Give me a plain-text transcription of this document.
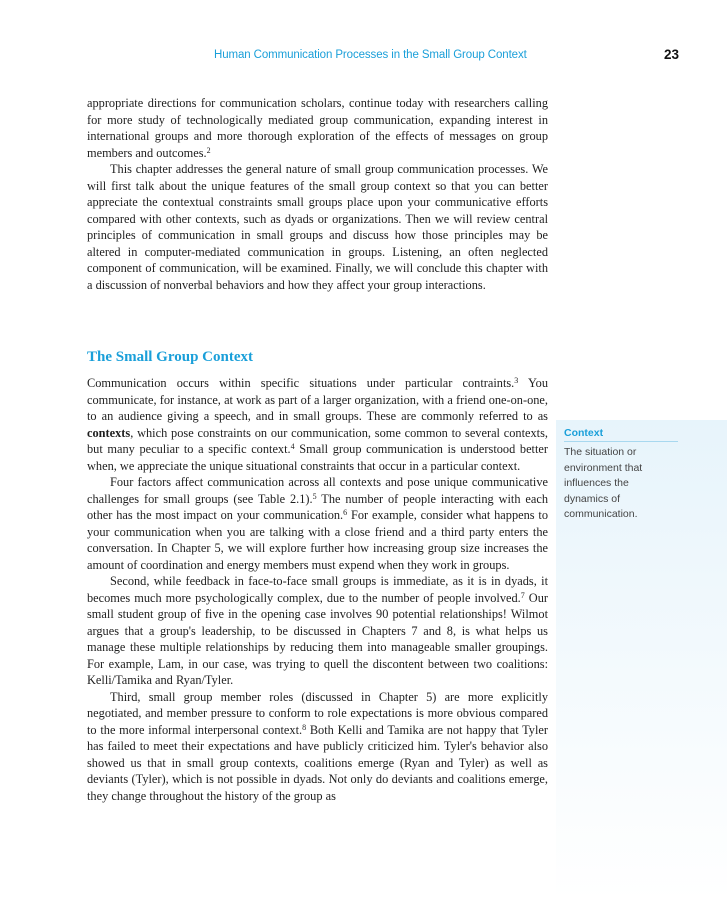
Human Communication Processes in the Small Group Context	23

appropriate directions for communication scholars, continue today with researchers calling for more study of technologically mediated group communication, expanding interest in international groups and more thorough exploration of the effects of messages on group members and outcomes.$^2$

This chapter addresses the general nature of small group communication processes. We will first talk about the unique features of the small group context so that you can better appreciate the contextual constraints small groups place upon your communicative efforts compared with other contexts, such as dyads or organizations. Then we will review central principles of communication in small groups and discuss how those principles may be altered in computer-mediated communication in groups. Listening, an often neglected component of communication, will be examined. Finally, we will conclude this chapter with a discussion of nonverbal behaviors and how they affect your group interactions.

The Small Group Context

Communication occurs within specific situations under particular contraints.$^3$ You communicate, for instance, at work as part of a larger organization, with a friend one-on-one, to an audience giving a speech, and in small groups. These are commonly referred to as contexts, which pose constraints on our communication, some common to several contexts, but many peculiar to a specific context.$^4$ Small group communication is understood better when, we appreciate the unique situational constraints that occur in a particular context.

Four factors affect communication across all contexts and pose unique communicative challenges for small groups (see Table 2.1).$^5$ The number of people interacting with each other has the most impact on your communication.$^6$ For example, consider what happens to your communication when you are talking with a close friend and a third party enters the conversation. In Chapter 5, we will explore further how increasing group size increases the amount of coordination and energy members must expend when they work in groups.

Second, while feedback in face-to-face small groups is immediate, as it is in dyads, it becomes much more psychologically complex, due to the number of people involved.$^7$ Our small student group of five in the opening case involves 90 potential relationships! Wilmot argues that a group's leadership, to be discussed in Chapters 7 and 8, is what helps us manage these multiple relationships by reducing them into manageable smaller groupings. For example, Lam, in our case, was trying to quell the discontent between two coalitions: Kelli/Tamika and Ryan/Tyler.

Third, small group member roles (discussed in Chapter 5) are more explicitly negotiated, and member pressure to conform to role expectations is more obvious compared to the more informal interpersonal context.$^8$ Both Kelli and Tamika are not happy that Tyler has failed to meet their expectations and have publicly criticized him. Tyler's behavior also showed us that in small group contexts, coalitions emerge (Ryan and Tyler) as well as deviants (Tyler), which is not possible in dyads. Not only do deviants and coalitions emerge, they change throughout the history of the group as

Context
The situation or environment that influences the dynamics of communication.
